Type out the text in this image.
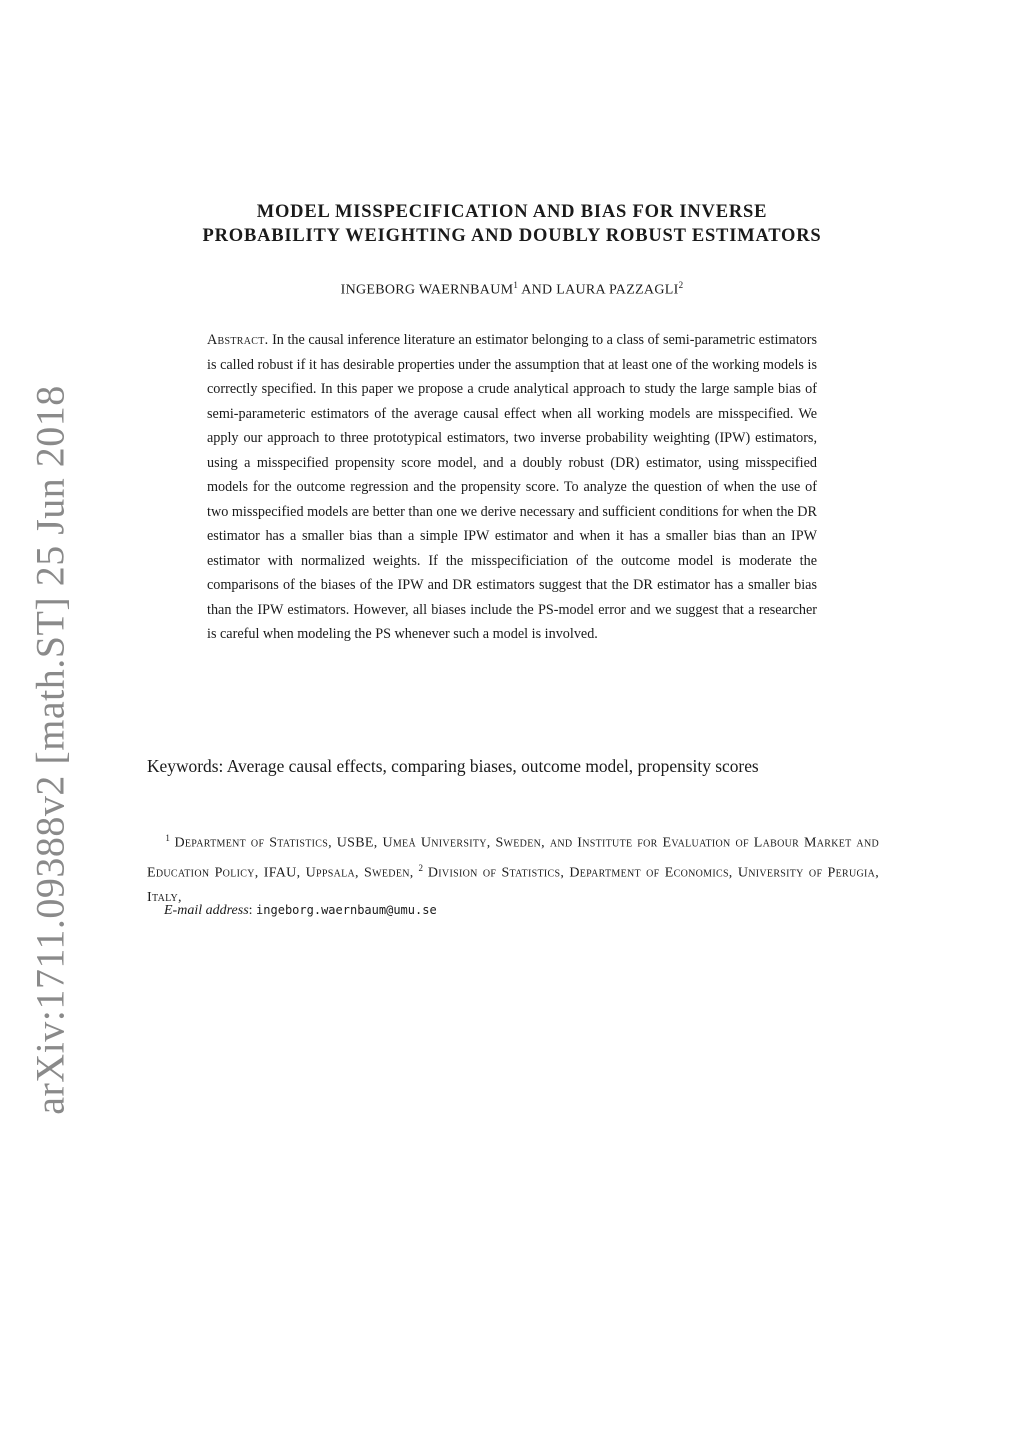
arXiv:1711.09388v2 [math.ST] 25 Jun 2018
MODEL MISSPECIFICATION AND BIAS FOR INVERSE
PROBABILITY WEIGHTING AND DOUBLY ROBUST ESTIMATORS
INGEBORG WAERNBAUM$^1$ AND LAURA PAZZAGLI$^2$
Abstract. In the causal inference literature an estimator belonging to a class of semi-parametric estimators is called robust if it has desirable properties under the assumption that at least one of the working models is correctly specified. In this paper we propose a crude analytical approach to study the large sample bias of semi-parameteric estimators of the average causal effect when all working models are misspecified. We apply our approach to three prototypical estimators, two inverse probability weighting (IPW) estimators, using a misspecified propensity score model, and a doubly robust (DR) estimator, using misspecified models for the outcome regression and the propensity score. To analyze the question of when the use of two misspecified models are better than one we derive necessary and sufficient conditions for when the DR estimator has a smaller bias than a simple IPW estimator and when it has a smaller bias than an IPW estimator with normalized weights. If the misspecificiation of the outcome model is moderate the comparisons of the biases of the IPW and DR estimators suggest that the DR estimator has a smaller bias than the IPW estimators. However, all biases include the PS-model error and we suggest that a researcher is careful when modeling the PS whenever such a model is involved.
Keywords: Average causal effects, comparing biases, outcome model, propensity scores
$^1$ Department of Statistics, USBE, Umeå University, Sweden, and Institute for Evaluation of Labour Market and Education Policy, IFAU, Uppsala, Sweden, $^2$ Division of Statistics, Department of Economics, University of Perugia, Italy,
E-mail address: ingeborg.waernbaum@umu.se
